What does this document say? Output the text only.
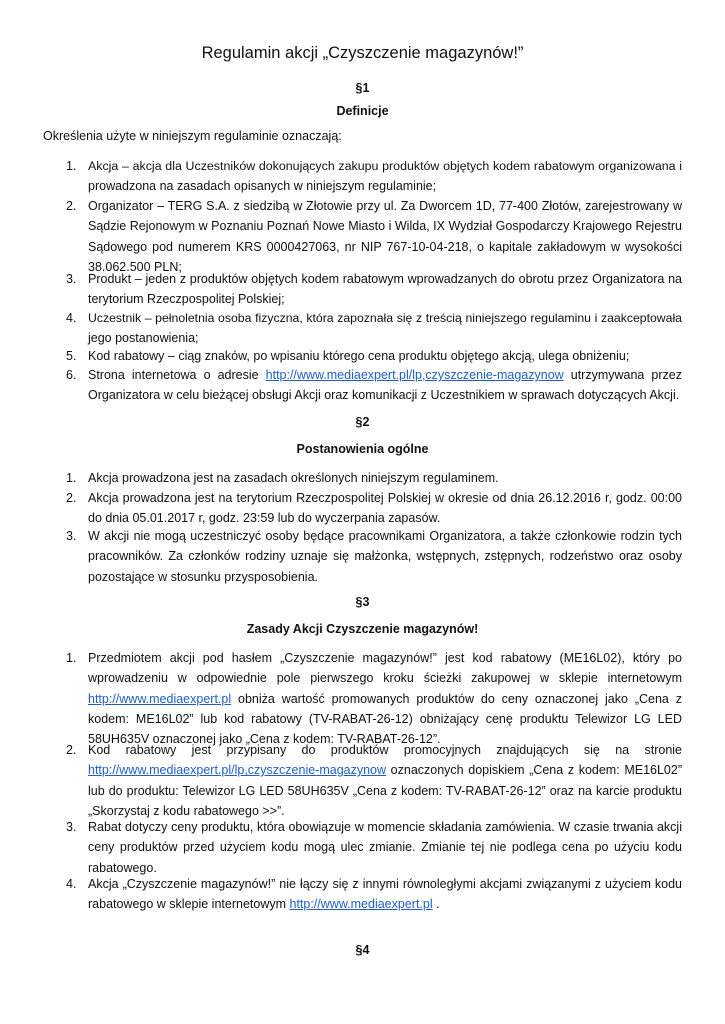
Regulamin akcji „Czyszczenie magazynów!”
§1
Definicje
Określenia użyte w niniejszym regulaminie oznaczają:
1. Akcja – akcja dla Uczestników dokonujących zakupu produktów objętych kodem rabatowym organizowana i
prowadzona na zasadach opisanych w niniejszym regulaminie;
2. Organizator – TERG S.A. z siedzibą w Złotowie przy ul. Za Dworcem 1D, 77-400 Złotów, zarejestrowany w
Sądzie Rejonowym w Poznaniu Poznań Nowe Miasto i Wilda, IX Wydział Gospodarczy Krajowego Rejestru
Sądowego pod numerem KRS 0000427063, nr NIP 767-10-04-218, o kapitale zakładowym w wysokości
38.062.500 PLN;
3. Produkt – jeden z produktów objętych kodem rabatowym wprowadzanych do obrotu przez Organizatora na
terytorium Rzeczpospolitej Polskiej;
4. Uczestnik – pełnoletnia osoba fizyczna, która zapoznała się z treścią niniejszego regulaminu i zaakceptowała
jego postanowienia;
5. Kod rabatowy – ciąg znaków, po wpisaniu którego cena produktu objętego akcją, ulega obniżeniu;
6. Strona internetowa o adresie http://www.mediaexpert.pl/lp,czyszczenie-magazynow utrzymywana przez
Organizatora w celu bieżącej obsługi Akcji oraz komunikacji z Uczestnikiem w sprawach dotyczących Akcji.
§2
Postanowienia ogólne
1. Akcja prowadzona jest na zasadach określonych niniejszym regulaminem.
2. Akcja prowadzona jest na terytorium Rzeczpospolitej Polskiej w okresie od dnia 26.12.2016 r, godz. 00:00
do dnia 05.01.2017 r, godz. 23:59 lub do wyczerpania zapasów.
3. W akcji nie mogą uczestniczyć osoby będące pracownikami Organizatora, a także członkowie rodzin tych
pracowników. Za członków rodziny uznaje się małżonka, wstępnych, zstępnych, rodzeństwo oraz osoby
pozostające w stosunku przysposobienia.
§3
Zasady Akcji Czyszczenie magazynów!
1. Przedmiotem akcji pod hasłem „Czyszczenie magazynów!” jest kod rabatowy (ME16L02), który po
wprowadzeniu w odpowiednie pole pierwszego kroku ścieżki zakupowej w sklepie internetowym
http://www.mediaexpert.pl obniża wartość promowanych produktów do ceny oznaczonej jako „Cena z
kodem: ME16L02” lub kod rabatowy (TV-RABAT-26-12) obniżający cenę produktu Telewizor LG LED
58UH635V oznaczonej jako „Cena z kodem: TV-RABAT-26-12”.
2. Kod rabatowy jest przypisany do produktów promocyjnych znajdujących się na stronie
http://www.mediaexpert.pl/lp,czyszczenie-magazynow oznaczonych dopiskiem „Cena z kodem: ME16L02”
lub do produktu: Telewizor LG LED 58UH635V „Cena z kodem: TV-RABAT-26-12” oraz na karcie produktu
„Skorzystaj z kodu rabatowego >>”.
3. Rabat dotyczy ceny produktu, która obowiązuje w momencie składania zamówienia. W czasie trwania akcji
ceny produktów przed użyciem kodu mogą ulec zmianie. Zmianie tej nie podlega cena po użyciu kodu
rabatowego.
4. Akcja „Czyszczenie magazynów!” nie łączy się z innymi równoległymi akcjami związanymi z użyciem kodu
rabatowego w sklepie internetowym http://www.mediaexpert.pl .
§4
